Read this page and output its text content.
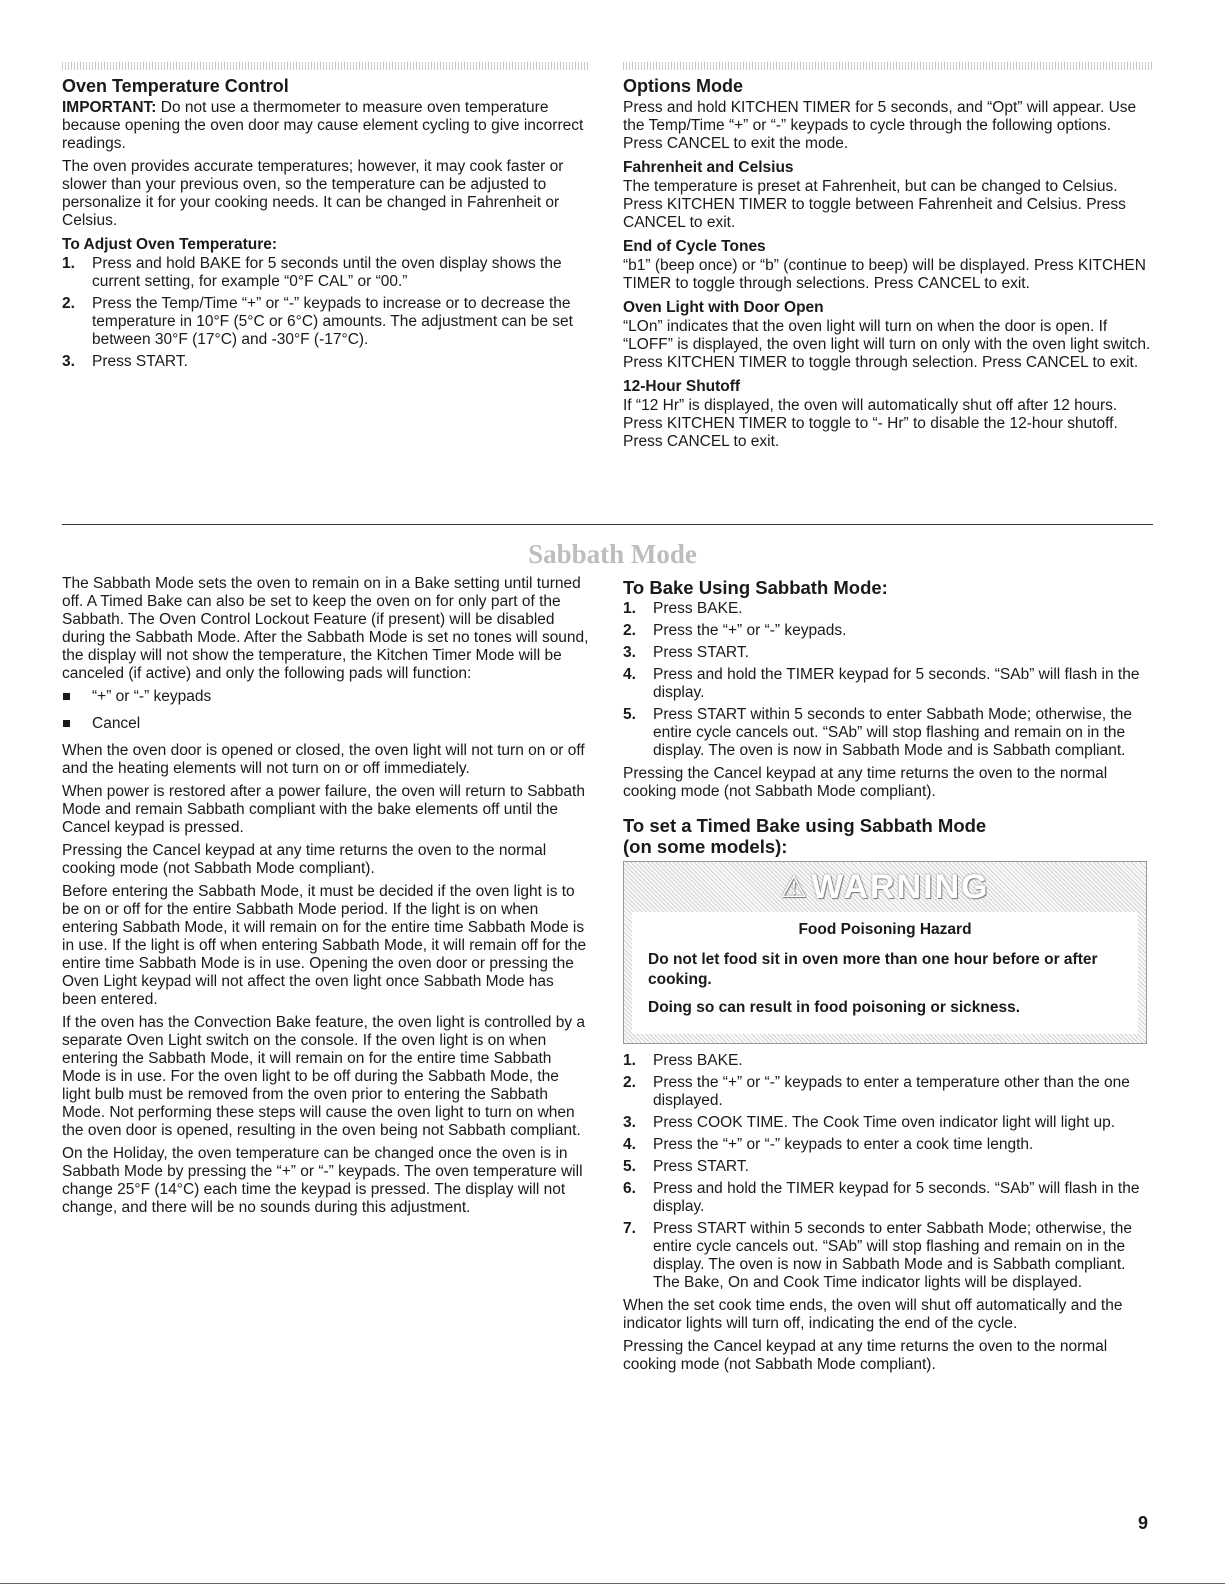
Oven Temperature Control

IMPORTANT: Do not use a thermometer to measure oven temperature because opening the oven door may cause element cycling to give incorrect readings.

The oven provides accurate temperatures; however, it may cook faster or slower than your previous oven, so the temperature can be adjusted to personalize it for your cooking needs. It can be changed in Fahrenheit or Celsius.

To Adjust Oven Temperature:
1. Press and hold BAKE for 5 seconds until the oven display shows the current setting, for example “0°F CAL” or “00.”
2. Press the Temp/Time “+” or “-” keypads to increase or to decrease the temperature in 10°F (5°C or 6°C) amounts. The adjustment can be set between 30°F (17°C) and -30°F (-17°C).
3. Press START.
Options Mode

Press and hold KITCHEN TIMER for 5 seconds, and “Opt” will appear. Use the Temp/Time “+” or “-” keypads to cycle through the following options. Press CANCEL to exit the mode.

Fahrenheit and Celsius

The temperature is preset at Fahrenheit, but can be changed to Celsius. Press KITCHEN TIMER to toggle between Fahrenheit and Celsius. Press CANCEL to exit.

End of Cycle Tones

“b1” (beep once) or “b” (continue to beep) will be displayed. Press KITCHEN TIMER to toggle through selections. Press CANCEL to exit.

Oven Light with Door Open

“LOn” indicates that the oven light will turn on when the door is open. If “LOFF” is displayed, the oven light will turn on only with the oven light switch. Press KITCHEN TIMER to toggle through selection. Press CANCEL to exit.

12-Hour Shutoff

If “12 Hr” is displayed, the oven will automatically shut off after 12 hours. Press KITCHEN TIMER to toggle to “- Hr” to disable the 12-hour shutoff. Press CANCEL to exit.

Sabbath Mode

The Sabbath Mode sets the oven to remain on in a Bake setting until turned off. A Timed Bake can also be set to keep the oven on for only part of the Sabbath. The Oven Control Lockout Feature (if present) will be disabled during the Sabbath Mode. After the Sabbath Mode is set no tones will sound, the display will not show the temperature, the Kitchen Timer Mode will be canceled (if active) and only the following pads will function:

“+” or “-” keypads
Cancel

When the oven door is opened or closed, the oven light will not turn on or off and the heating elements will not turn on or off immediately.

When power is restored after a power failure, the oven will return to Sabbath Mode and remain Sabbath compliant with the bake elements off until the Cancel keypad is pressed.

Pressing the Cancel keypad at any time returns the oven to the normal cooking mode (not Sabbath Mode compliant).

Before entering the Sabbath Mode, it must be decided if the oven light is to be on or off for the entire Sabbath Mode period. If the light is on when entering Sabbath Mode, it will remain on for the entire time Sabbath Mode is in use. If the light is off when entering Sabbath Mode, it will remain off for the entire time Sabbath Mode is in use. Opening the oven door or pressing the Oven Light keypad will not affect the oven light once Sabbath Mode has been entered.

If the oven has the Convection Bake feature, the oven light is controlled by a separate Oven Light switch on the console. If the oven light is on when entering the Sabbath Mode, it will remain on for the entire time Sabbath Mode is in use. For the oven light to be off during the Sabbath Mode, the light bulb must be removed from the oven prior to entering the Sabbath Mode. Not performing these steps will cause the oven light to turn on when the oven door is opened, resulting in the oven being not Sabbath compliant.

On the Holiday, the oven temperature can be changed once the oven is in Sabbath Mode by pressing the “+” or “-” keypads. The oven temperature will change 25°F (14°C) each time the keypad is pressed. The display will not change, and there will be no sounds during this adjustment.

To Bake Using Sabbath Mode:
1. Press BAKE.
2. Press the “+” or “-” keypads.
3. Press START.
4. Press and hold the TIMER keypad for 5 seconds. “SAb” will flash in the display.
5. Press START within 5 seconds to enter Sabbath Mode; otherwise, the entire cycle cancels out. “SAb” will stop flashing and remain on in the display. The oven is now in Sabbath Mode and is Sabbath compliant.

Pressing the Cancel keypad at any time returns the oven to the normal cooking mode (not Sabbath Mode compliant).

To set a Timed Bake using Sabbath Mode
(on some models):
⚠ WARNING

Food Poisoning Hazard

Do not let food sit in oven more than one hour before or after cooking.

Doing so can result in food poisoning or sickness.

1. Press BAKE.
2. Press the “+” or “-” keypads to enter a temperature other than the one displayed.
3. Press COOK TIME. The Cook Time oven indicator light will light up.
4. Press the “+” or “-” keypads to enter a cook time length.
5. Press START.
6. Press and hold the TIMER keypad for 5 seconds. “SAb” will flash in the display.
7. Press START within 5 seconds to enter Sabbath Mode; otherwise, the entire cycle cancels out. “SAb” will stop flashing and remain on in the display. The oven is now in Sabbath Mode and is Sabbath compliant. The Bake, On and Cook Time indicator lights will be displayed.

When the set cook time ends, the oven will shut off automatically and the indicator lights will turn off, indicating the end of the cycle.

Pressing the Cancel keypad at any time returns the oven to the normal cooking mode (not Sabbath Mode compliant).

9
